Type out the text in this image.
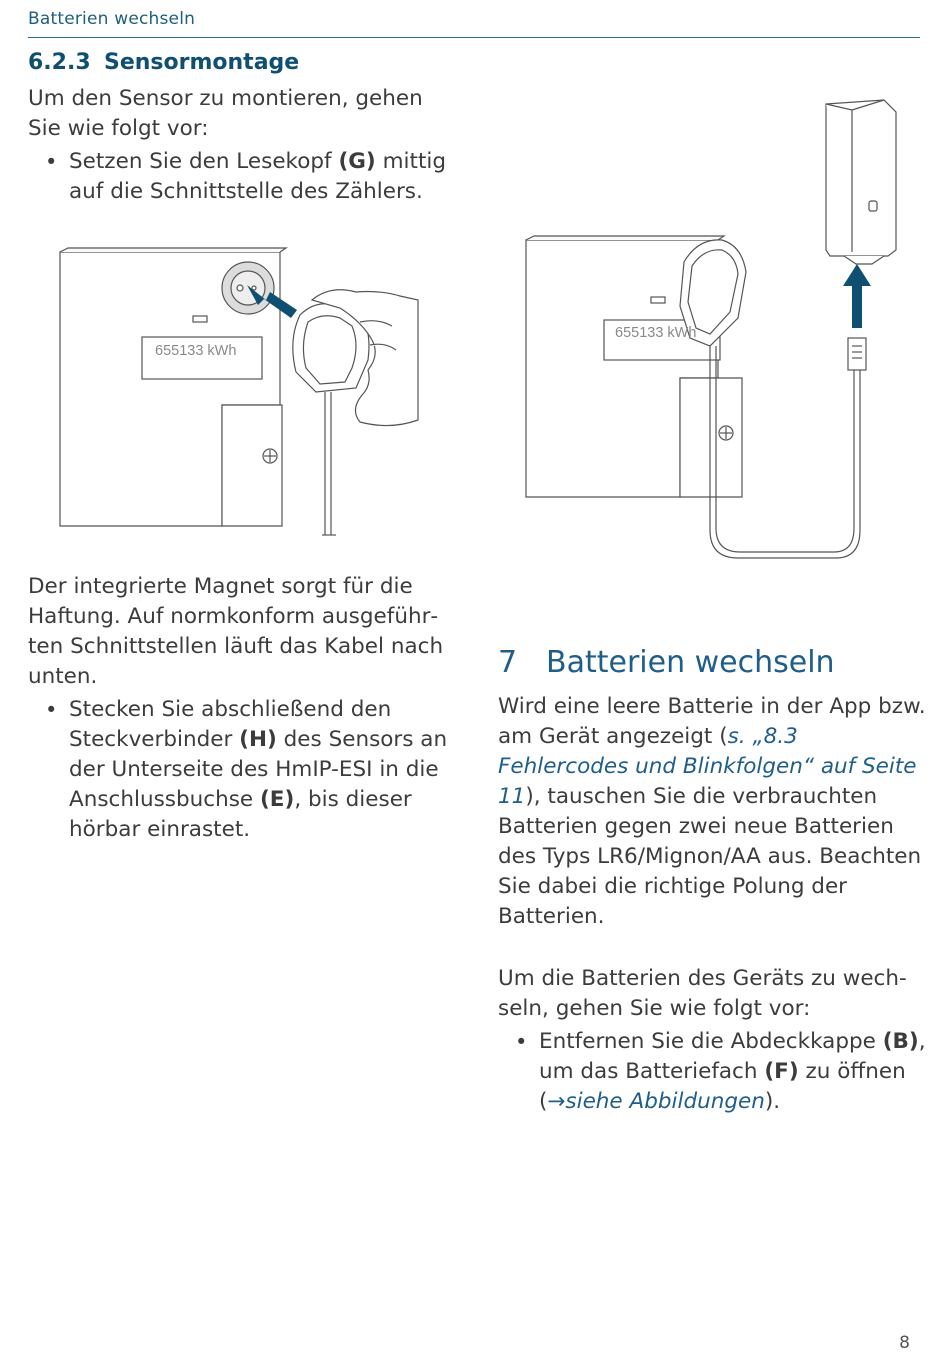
Batterien wechseln
6.2.3 Sensormontage

Um den Sensor zu montieren, gehen Sie wie folgt vor:

• Setzen Sie den Lesekopf (G) mittig auf die Schnittstelle des Zählers.

655133 kWh
655133 kWh

Der integrierte Magnet sorgt für die Haftung. Auf normkonform ausgeführten Schnittstellen läuft das Kabel nach unten.

• Stecken Sie abschließend den Steckverbinder (H) des Sensors an der Unterseite des HmIP-ESI in die Anschlussbuchse (E), bis dieser hörbar einrastet.

7 Batterien wechseln

Wird eine leere Batterie in der App bzw. am Gerät angezeigt (s. „8.3 Fehlercodes und Blinkfolgen“ auf Seite 11), tauschen Sie die verbrauchten Batterien gegen zwei neue Batterien des Typs LR6/Mignon/AA aus. Beachten Sie dabei die richtige Polung der Batterien.

Um die Batterien des Geräts zu wechseln, gehen Sie wie folgt vor:

• Entfernen Sie die Abdeckkappe (B), um das Batteriefach (F) zu öffnen (→siehe Abbildungen).

8
